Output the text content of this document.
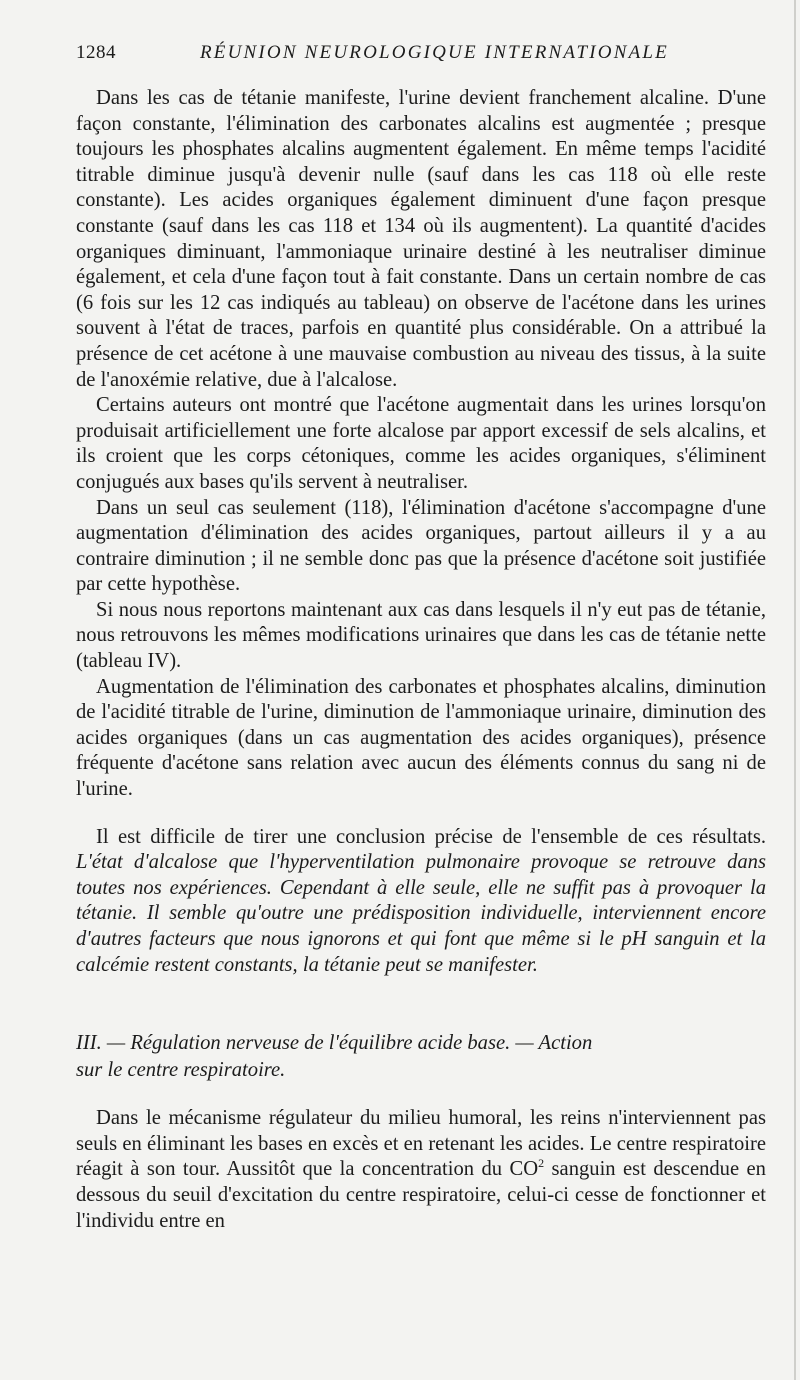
1284	RÉUNION NEUROLOGIQUE INTERNATIONALE

Dans les cas de tétanie manifeste, l'urine devient franchement alcaline. D'une façon constante, l'élimination des carbonates alcalins est augmentée ; presque toujours les phosphates alcalins augmentent également. En même temps l'acidité titrable diminue jusqu'à devenir nulle (sauf dans les cas 118 où elle reste constante). Les acides organiques également diminuent d'une façon presque constante (sauf dans les cas 118 et 134 où ils augmentent). La quantité d'acides organiques diminuant, l'ammoniaque urinaire destiné à les neutraliser diminue également, et cela d'une façon tout à fait constante. Dans un certain nombre de cas (6 fois sur les 12 cas indiqués au tableau) on observe de l'acétone dans les urines souvent à l'état de traces, parfois en quantité plus considérable. On a attribué la présence de cet acétone à une mauvaise combustion au niveau des tissus, à la suite de l'anoxémie relative, due à l'alcalose.

Certains auteurs ont montré que l'acétone augmentait dans les urines lorsqu'on produisait artificiellement une forte alcalose par apport excessif de sels alcalins, et ils croient que les corps cétoniques, comme les acides organiques, s'éliminent conjugués aux bases qu'ils servent à neutraliser.

Dans un seul cas seulement (118), l'élimination d'acétone s'accompagne d'une augmentation d'élimination des acides organiques, partout ailleurs il y a au contraire diminution ; il ne semble donc pas que la présence d'acétone soit justifiée par cette hypothèse.

Si nous nous reportons maintenant aux cas dans lesquels il n'y eut pas de tétanie, nous retrouvons les mêmes modifications urinaires que dans les cas de tétanie nette (tableau IV).

Augmentation de l'élimination des carbonates et phosphates alcalins, diminution de l'acidité titrable de l'urine, diminution de l'ammoniaque urinaire, diminution des acides organiques (dans un cas augmentation des acides organiques), présence fréquente d'acétone sans relation avec aucun des éléments connus du sang ni de l'urine.

Il est difficile de tirer une conclusion précise de l'ensemble de ces résultats. L'état d'alcalose que l'hyperventilation pulmonaire provoque se retrouve dans toutes nos expériences. Cependant à elle seule, elle ne suffit pas à provoquer la tétanie. Il semble qu'outre une prédisposition individuelle, interviennent encore d'autres facteurs que nous ignorons et qui font que même si le pH sanguin et la calcémie restent constants, la tétanie peut se manifester.

III. — Régulation nerveuse de l'équilibre acide base. — Action
sur le centre respiratoire.

Dans le mécanisme régulateur du milieu humoral, les reins n'interviennent pas seuls en éliminant les bases en excès et en retenant les acides. Le centre respiratoire réagit à son tour. Aussitôt que la concentration du $CO^2$ sanguin est descendue en dessous du seuil d'excitation du centre respiratoire, celui-ci cesse de fonctionner et l'individu entre en
